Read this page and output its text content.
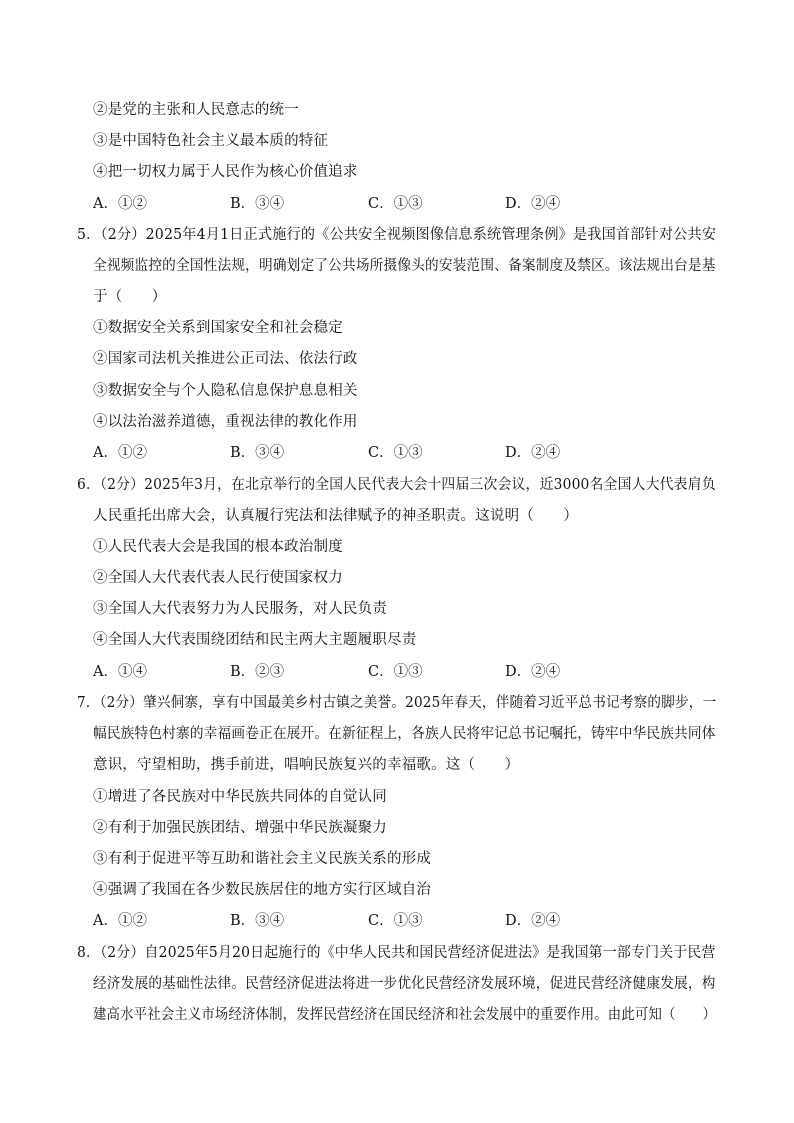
②是党的主张和人民意志的统一
③是中国特色社会主义最本质的特征
④把一切权力属于人民作为核心价值追求
A．①②	B．③④	C．①③	D．②④
5．（2分）2025年4月1日正式施行的《公共安全视频图像信息系统管理条例》是我国首部针对公共安
全视频监控的全国性法规，明确划定了公共场所摄像头的安装范围、备案制度及禁区。该法规出台是基
于（　　）
①数据安全关系到国家安全和社会稳定
②国家司法机关推进公正司法、依法行政
③数据安全与个人隐私信息保护息息相关
④以法治滋养道德，重视法律的教化作用
A．①②	B．③④	C．①③	D．②④
6．（2分）2025年3月，在北京举行的全国人民代表大会十四届三次会议，近3000名全国人大代表肩负
人民重托出席大会，认真履行宪法和法律赋予的神圣职责。这说明（　　）
①人民代表大会是我国的根本政治制度
②全国人大代表代表人民行使国家权力
③全国人大代表努力为人民服务，对人民负责
④全国人大代表围绕团结和民主两大主题履职尽责
A．①④	B．②③	C．①③	D．②④
7．（2分）肇兴侗寨，享有中国最美乡村古镇之美誉。2025年春天，伴随着习近平总书记考察的脚步，一
幅民族特色村寨的幸福画卷正在展开。在新征程上，各族人民将牢记总书记嘱托，铸牢中华民族共同体
意识，守望相助，携手前进，唱响民族复兴的幸福歌。这（　　）
①增进了各民族对中华民族共同体的自觉认同
②有利于加强民族团结、增强中华民族凝聚力
③有利于促进平等互助和谐社会主义民族关系的形成
④强调了我国在各少数民族居住的地方实行区域自治
A．①②	B．③④	C．①③	D．②④
8．（2分）自2025年5月20日起施行的《中华人民共和国民营经济促进法》是我国第一部专门关于民营
经济发展的基础性法律。民营经济促进法将进一步优化民营经济发展环境，促进民营经济健康发展，构
建高水平社会主义市场经济体制，发挥民营经济在国民经济和社会发展中的重要作用。由此可知（　　）
